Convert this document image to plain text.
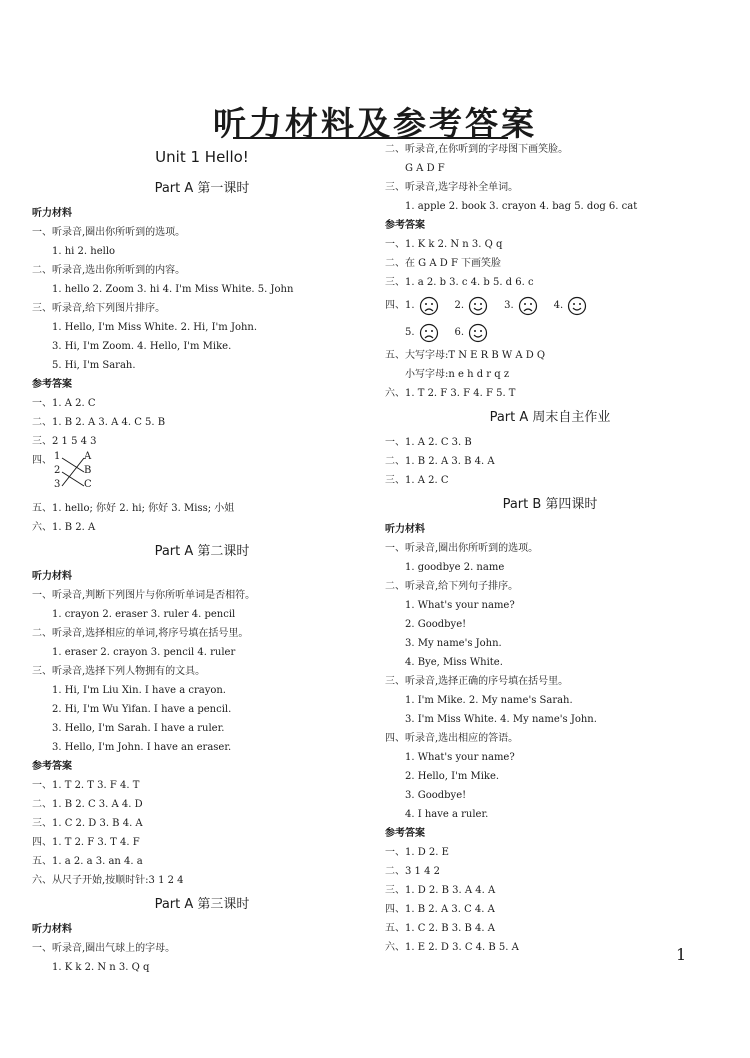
听力材料及参考答案
Unit 1 Hello!
Part A 第一课时
听力材料
一、听录音,圈出你所听到的选项。
1. hi 2. hello
二、听录音,选出你所听到的内容。
1. hello 2. Zoom 3. hi 4. I'm Miss White. 5. John
三、听录音,给下列图片排序。
1. Hello, I'm Miss White. 2. Hi, I'm John.
3. Hi, I'm Zoom. 4. Hello, I'm Mike.
5. Hi, I'm Sarah.
参考答案
一、1. A 2. C
二、1. B 2. A 3. A 4. C 5. B
三、2 1 5 4 3
四、 1
2
3
A
B
C
五、1. hello; 你好 2. hi; 你好 3. Miss; 小姐
六、1. B 2. A
Part A 第二课时
听力材料
一、听录音,判断下列图片与你所听单词是否相符。
1. crayon 2. eraser 3. ruler 4. pencil
二、听录音,选择相应的单词,将序号填在括号里。
1. eraser 2. crayon 3. pencil 4. ruler
三、听录音,选择下列人物拥有的文具。
1. Hi, I'm Liu Xin. I have a crayon.
2. Hi, I'm Wu Yifan. I have a pencil.
3. Hello, I'm Sarah. I have a ruler.
3. Hello, I'm John. I have an eraser.
参考答案
一、1. T 2. T 3. F 4. T
二、1. B 2. C 3. A 4. D
三、1. C 2. D 3. B 4. A
四、1. T 2. F 3. T 4. F
五、1. a 2. a 3. an 4. a
六、从尺子开始,按顺时针:3 1 2 4
Part A 第三课时
听力材料
一、听录音,圈出气球上的字母。
1. K k 2. N n 3. Q q
二、听录音,在你听到的字母图下画笑脸。
G A D F
三、听录音,选字母补全单词。
1. apple 2. book 3. crayon 4. bag 5. dog 6. cat
参考答案
一、1. K k 2. N n 3. Q q
二、在 G A D F 下画笑脸
三、1. a 2. b 3. c 4. b 5. d 6. c
四、 1.	2.	3.	4.
5.	6.
五、大写字母:T N E R B W A D Q
小写字母:n e h d r q z
六、1. T 2. F 3. F 4. F 5. T
Part A 周末自主作业
一、1. A 2. C 3. B
二、1. B 2. A 3. B 4. A
三、1. A 2. C
Part B 第四课时
听力材料
一、听录音,圈出你所听到的选项。
1. goodbye 2. name
二、听录音,给下列句子排序。
1. What's your name?
2. Goodbye!
3. My name's John.
4. Bye, Miss White.
三、听录音,选择正确的序号填在括号里。
1. I'm Mike. 2. My name's Sarah.
3. I'm Miss White. 4. My name's John.
四、听录音,选出相应的答语。
1. What's your name?
2. Hello, I'm Mike.
3. Goodbye!
4. I have a ruler.
参考答案
一、1. D 2. E
二、3 1 4 2
三、1. D 2. B 3. A 4. A
四、1. B 2. A 3. C 4. A
五、1. C 2. B 3. B 4. A
六、1. E 2. D 3. C 4. B 5. A	1
